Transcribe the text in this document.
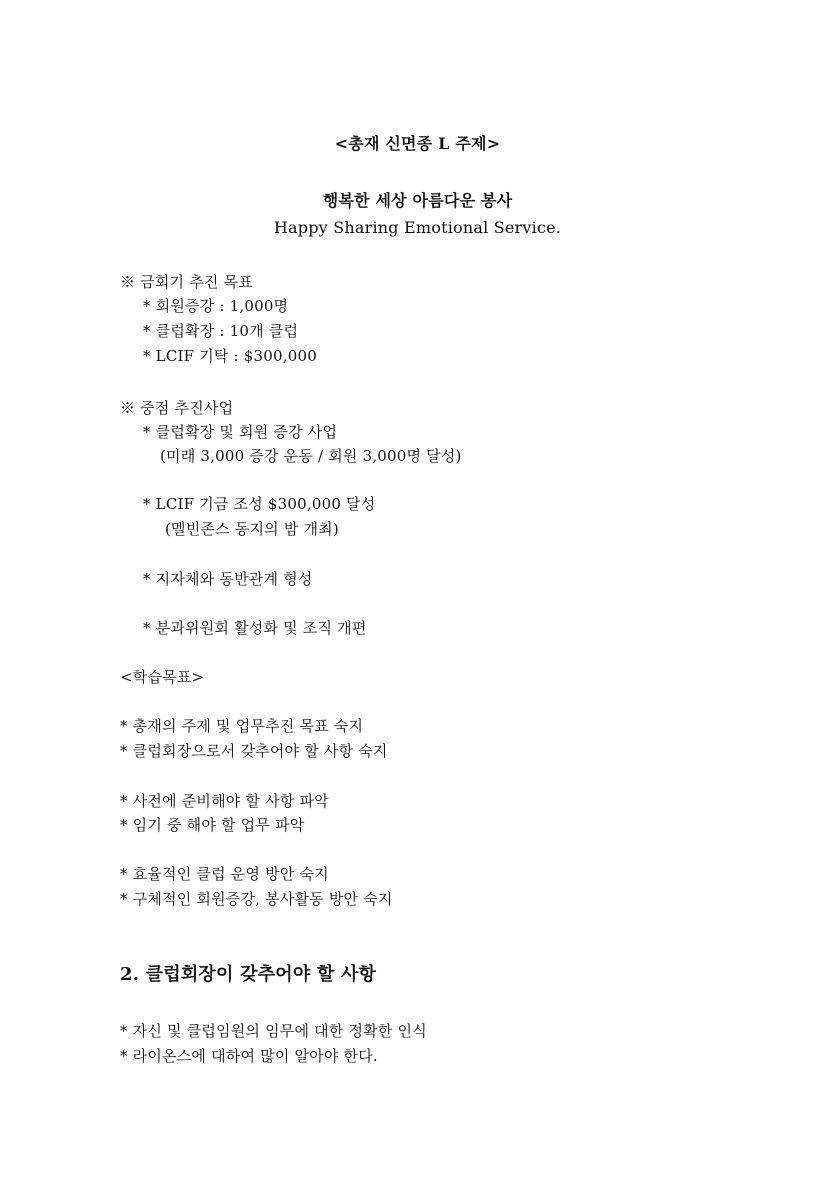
<총재 신면종 L 주제>
행복한 세상 아름다운 봉사
Happy Sharing Emotional Service.
※ 금회기 추진 목표
* 회원증강 : 1,000명
* 클럽확장 : 10개 클럽
* LCIF 기탁 : $300,000
※ 중점 추진사업
* 클럽확장 및 회원 증강 사업
(미래 3,000 증강 운동 / 회원 3,000명 달성)
* LCIF 기금 조성 $300,000 달성
(멜빈존스 동지의 밤 개최)
* 지자체와 동반관계 형성
* 분과위원회 활성화 및 조직 개편
<학습목표>
* 총재의 주제 및 업무추진 목표 숙지
* 클럽회장으로서 갖추어야 할 사항 숙지
* 사전에 준비해야 할 사항 파악
* 임기 중 해야 할 업무 파악
* 효율적인 클럽 운영 방안 숙지
* 구체적인 회원증강, 봉사활동 방안 숙지
2. 클럽회장이 갖추어야 할 사항
* 자신 및 클럽임원의 임무에 대한 정확한 인식
* 라이온스에 대하여 많이 알아야 한다.
